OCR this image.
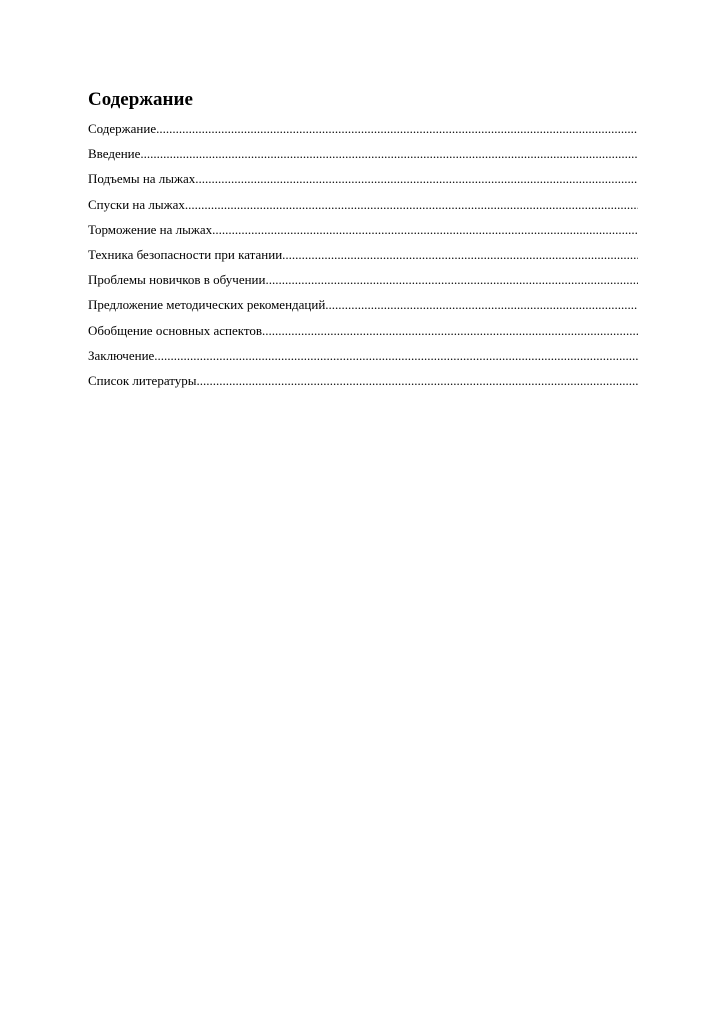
Содержание
Содержание
.....
Введение
.....
Подъемы на лыжах
.....
Спуски на лыжах
.....
Торможение на лыжах
.....
Техника безопасности при катании
.....
Проблемы новичков в обучении
.....
Предложение методических рекомендаций
.....
Обобщение основных аспектов
.....
Заключение
.....
Список литературы
.....
